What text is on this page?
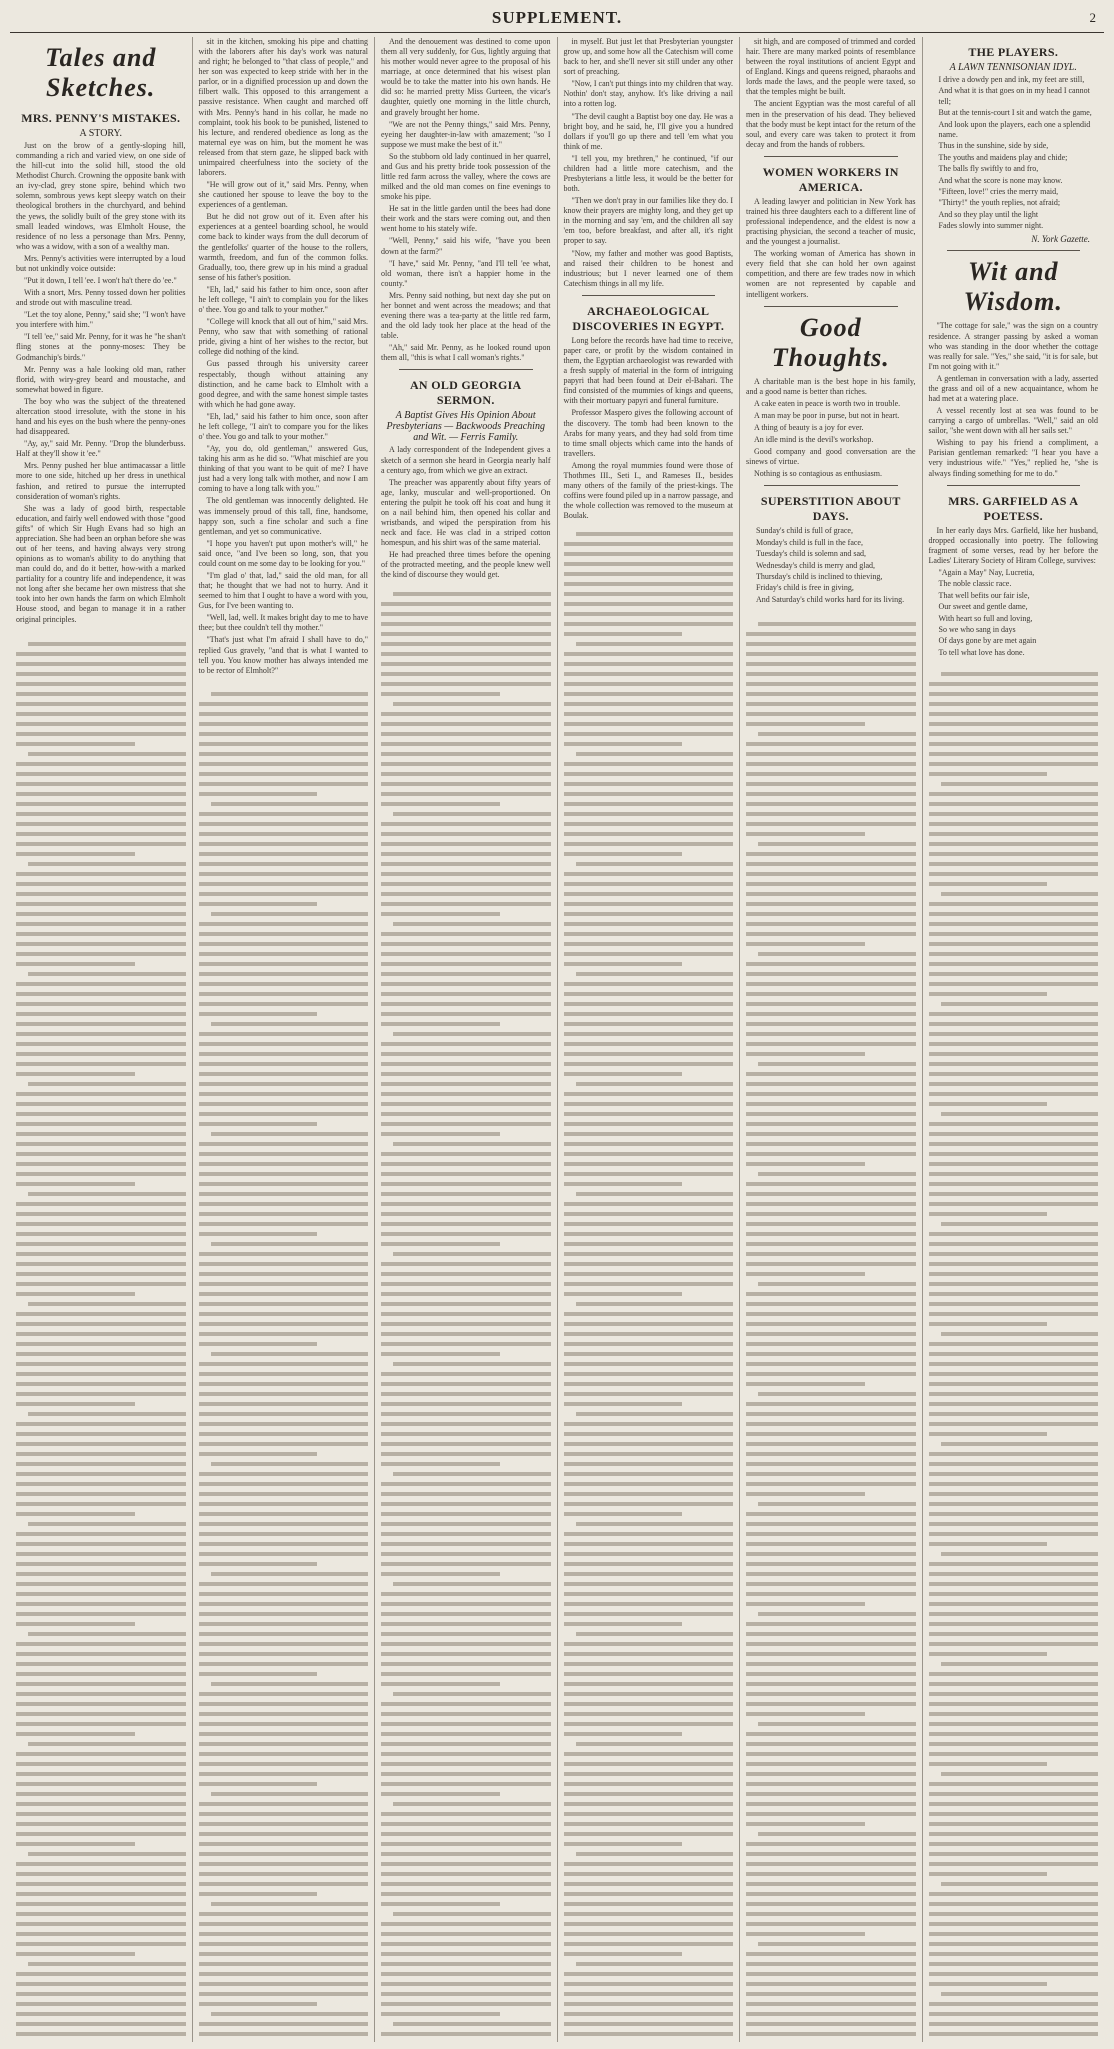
SUPPLEMENT.	2
Tales and Sketches.
MRS. PENNY'S MISTAKES.
A STORY.

Just on the brow of a gently-sloping hill, commanding a rich and varied view, on one side of the hill-cut into the solid hill, stood the old Methodist Church. Crowning the opposite bank with an ivy-clad, grey stone spire, behind which two solemn, sombrous yews kept sleepy watch on their theological brothers in the churchyard, and behind the yews, the solidly built of the grey stone with its small leaded windows, was Elmholt House, the residence of no less a personage than Mrs. Penny, who was a widow, with a son of a wealthy man.

Mrs. Penny's activities were interrupted by a loud but not unkindly voice outside:

"Put it down, I tell 'ee. I won't ha't there do 'ee."

With a snort, Mrs. Penny tossed down her polities and strode out with masculine tread.

"Let the toy alone, Penny," said she; "I won't have you interfere with him."

"I tell 'ee," said Mr. Penny, for it was he "he shan't fling stones at the ponny-moses: They be Godmanchip's birds."

Mr. Penny was a hale looking old man, rather florid, with wiry-grey beard and moustache, and somewhat bowed in figure.

The boy who was the subject of the threatened altercation stood irresolute, with the stone in his hand and his eyes on the bush where the penny-ones had disappeared.

"Ay, ay," said Mr. Penny. "Drop the blunderbuss. Half at they'll show it 'ee."

Mrs. Penny pushed her blue antimacassar a little more to one side, hitched up her dress in unethical fashion, and retired to pursue the interrupted consideration of woman's rights.

She was a lady of good birth, respectable education, and fairly well endowed with those "good gifts" of which Sir Hugh Evans had so high an appreciation. She had been an orphan before she was out of her teens, and having always very strong opinions as to woman's ability to do anything that man could do, and do it better, how-with a marked partiality for a country life and independence, it was not long after she became her own mistress that she took into her own hands the farm on which Elmholt House stood, and began to manage it in a rather original principles.

sit in the kitchen, smoking his pipe and chatting with the laborers after his day's work was natural and right; he belonged to "that class of people," and her son was expected to keep stride with her in the parlor, or in a dignified procession up and down the filbert walk. This opposed to this arrangement a passive resistance. When caught and marched off with Mrs. Penny's hand in his collar, he made no complaint, took his book to be punished, listened to his lecture, and rendered obedience as long as the maternal eye was on him, but the moment he was released from that stern gaze, he slipped back with unimpaired cheerfulness into the society of the laborers.

"He will grow out of it," said Mrs. Penny, when she cautioned her spouse to leave the boy to the experiences of a gentleman.

But he did not grow out of it. Even after his experiences at a genteel boarding school, he would come back to kinder ways from the dull decorum of the gentlefolks' quarter of the house to the rollers, warmth, freedom, and fun of the common folks. Gradually, too, there grew up in his mind a gradual sense of his father's position.

"Eh, lad," said his father to him once, soon after he left college, "I ain't to complain you for the likes o' thee. You go and talk to your mother."

"College will knock that all out of him," said Mrs. Penny, who saw that with something of rational pride, giving a hint of her wishes to the rector, but college did nothing of the kind.

Gus passed through his university career respectably, though without attaining any distinction, and he came back to Elmholt with a good degree, and with the same honest simple tastes with which he had gone away.

"Eh, lad," said his father to him once, soon after he left college, "I ain't to compare you for the likes o' thee. You go and talk to your mother."

"Ay, you do, old gentleman," answered Gus, taking his arm as he did so. "What mischief are you thinking of that you want to be quit of me? I have just had a very long talk with mother, and now I am coming to have a long talk with you."

The old gentleman was innocently delighted. He was immensely proud of this tall, fine, handsome, happy son, such a fine scholar and such a fine gentleman, and yet so communicative.

"I hope you haven't put upon mother's will," he said once, "and I've been so long, son, that you could count on me some day to be looking for you."

"I'm glad o' that, lad," said the old man, for all that; he thought that we had not to hurry. And it seemed to him that I ought to have a word with you, Gus, for I've been wanting to.

"Well, lad, well. It makes bright day to me to have thee; but thee couldn't tell thy mother."

"That's just what I'm afraid I shall have to do," replied Gus gravely, "and that is what I wanted to tell you. You know mother has always intended me to be rector of Elmholt?"

And the denouement was destined to come upon them all very suddenly, for Gus, lightly arguing that his mother would never agree to the proposal of his marriage, at once determined that his wisest plan would be to take the matter into his own hands. He did so: he married pretty Miss Gurteen, the vicar's daughter, quietly one morning in the little church, and gravely brought her home.

"We are not the Penny things," said Mrs. Penny, eyeing her daughter-in-law with amazement; "so I suppose we must make the best of it."

So the stubborn old lady continued in her quarrel, and Gus and his pretty bride took possession of the little red farm across the valley, where the cows are milked and the old man comes on fine evenings to smoke his pipe.

He sat in the little garden until the bees had done their work and the stars were coming out, and then went home to his stately wife.

"Well, Penny," said his wife, "have you been down at the farm?"

"I have," said Mr. Penny, "and I'll tell 'ee what, old woman, there isn't a happier home in the county."

Mrs. Penny said nothing, but next day she put on her bonnet and went across the meadows; and that evening there was a tea-party at the little red farm, and the old lady took her place at the head of the table.

"Ah," said Mr. Penny, as he looked round upon them all, "this is what I call woman's rights."

AN OLD GEORGIA SERMON.
A Baptist Gives His Opinion About Presbyterians — Backwoods Preaching and Wit. — Ferris Family.

A lady correspondent of the Independent gives a sketch of a sermon she heard in Georgia nearly half a century ago, from which we give an extract.

The preacher was apparently about fifty years of age, lanky, muscular and well-proportioned. On entering the pulpit he took off his coat and hung it on a nail behind him, then opened his collar and wristbands, and wiped the perspiration from his neck and face. He was clad in a striped cotton homespun, and his shirt was of the same material.

He had preached three times before the opening of the protracted meeting, and the people knew well the kind of discourse they would get.

in myself. But just let that Presbyterian youngster grow up, and some how all the Catechism will come back to her, and she'll never sit still under any other sort of preaching.

"Now, I can't put things into my children that way. Nothin' don't stay, anyhow. It's like driving a nail into a rotten log.

"The devil caught a Baptist boy one day. He was a bright boy, and he said, he, I'll give you a hundred dollars if you'll go up there and tell 'em what you think of me.

"I tell you, my brethren," he continued, "if our children had a little more catechism, and the Presbyterians a little less, it would be the better for both.

"Then we don't pray in our families like they do. I know their prayers are mighty long, and they get up in the morning and say 'em, and the children all say 'em too, before breakfast, and after all, it's right proper to say.

"Now, my father and mother was good Baptists, and raised their children to be honest and industrious; but I never learned one of them Catechism things in all my life.

ARCHAEOLOGICAL DISCOVERIES IN EGYPT.

Long before the records have had time to receive, paper care, or profit by the wisdom contained in them, the Egyptian archaeologist was rewarded with a fresh supply of material in the form of intriguing papyri that had been found at Deir el-Bahari. The find consisted of the mummies of kings and queens, with their mortuary papyri and funeral furniture.

Professor Maspero gives the following account of the discovery. The tomb had been known to the Arabs for many years, and they had sold from time to time small objects which came into the hands of travellers.

Among the royal mummies found were those of Thothmes III., Seti I., and Rameses II., besides many others of the family of the priest-kings. The coffins were found piled up in a narrow passage, and the whole collection was removed to the museum at Boulak.

sit high, and are composed of trimmed and corded hair. There are many marked points of resemblance between the royal institutions of ancient Egypt and of England. Kings and queens reigned, pharaohs and lords made the laws, and the people were taxed, so that the temples might be built.

The ancient Egyptian was the most careful of all men in the preservation of his dead. They believed that the body must be kept intact for the return of the soul, and every care was taken to protect it from decay and from the hands of robbers.

WOMEN WORKERS IN AMERICA.

A leading lawyer and politician in New York has trained his three daughters each to a different line of professional independence, and the eldest is now a practising physician, the second a teacher of music, and the youngest a journalist.

The working woman of America has shown in every field that she can hold her own against competition, and there are few trades now in which women are not represented by capable and intelligent workers.

Good Thoughts.

A charitable man is the best hope in his family, and a good name is better than riches.

A cake eaten in peace is worth two in trouble.

A man may be poor in purse, but not in heart.

A thing of beauty is a joy for ever.

An idle mind is the devil's workshop.

Good company and good conversation are the sinews of virtue.

Nothing is so contagious as enthusiasm.

SUPERSTITION ABOUT DAYS.
Sunday's child is full of grace,
Monday's child is full in the face,
Tuesday's child is solemn and sad,
Wednesday's child is merry and glad,
Thursday's child is inclined to thieving,
Friday's child is free in giving,
And Saturday's child works hard for its living.
THE PLAYERS.
A LAWN TENNISONIAN IDYL.
I drive a dowdy pen and ink, my feet are still,
And what it is that goes on in my head I cannot tell;
But at the tennis-court I sit and watch the game,
And look upon the players, each one a splendid name.
Thus in the sunshine, side by side,
The youths and maidens play and chide;
The balls fly swiftly to and fro,
And what the score is none may know.
"Fifteen, love!" cries the merry maid,
"Thirty!" the youth replies, not afraid;
And so they play until the light
Fades slowly into summer night.
N. York Gazette.
Wit and Wisdom.

"The cottage for sale," was the sign on a country residence. A stranger passing by asked a woman who was standing in the door whether the cottage was really for sale. "Yes," she said, "it is for sale, but I'm not going with it."

A gentleman in conversation with a lady, asserted the grass and oil of a new acquaintance, whom he had met at a watering place.

A vessel recently lost at sea was found to be carrying a cargo of umbrellas. "Well," said an old sailor, "she went down with all her sails set."

Wishing to pay his friend a compliment, a Parisian gentleman remarked: "I hear you have a very industrious wife." "Yes," replied he, "she is always finding something for me to do."

MRS. GARFIELD AS A POETESS.

In her early days Mrs. Garfield, like her husband, dropped occasionally into poetry. The following fragment of some verses, read by her before the Ladies' Literary Society of Hiram College, survives:

"Again a May" Nay, Lucretia,
The noble classic race.
That well befits our fair isle,
Our sweet and gentle dame,
With heart so full and loving,
So we who sang in days
Of days gone by are met again
To tell what love has done.
